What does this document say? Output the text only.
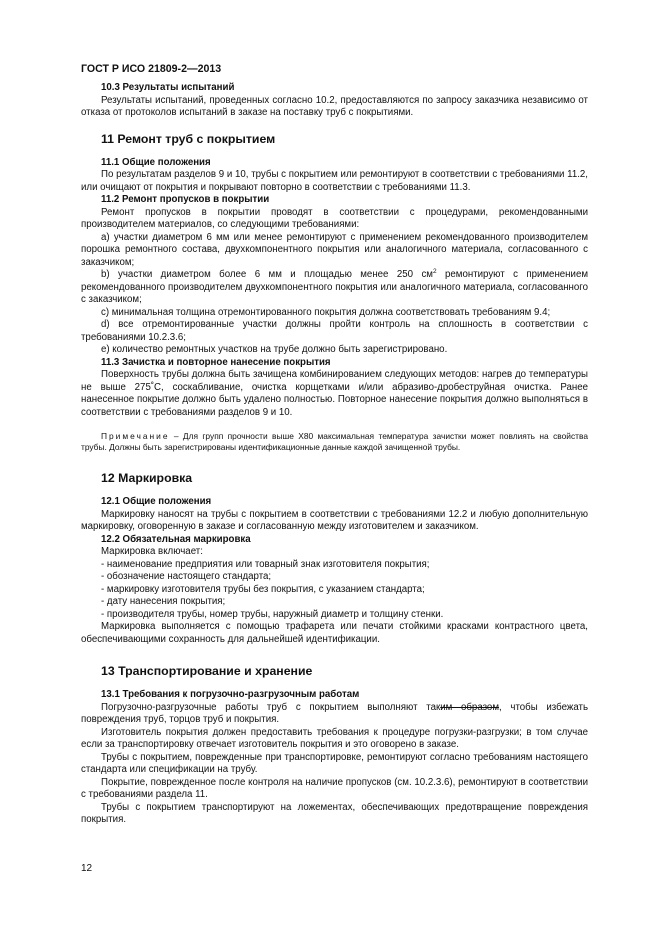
ГОСТ Р ИСО 21809-2—2013
10.3 Результаты испытаний

Результаты испытаний, проведенных согласно 10.2, предоставляются по запросу заказчика независимо от отказа от протоколов испытаний в заказе на поставку труб с покрытиями.

11 Ремонт труб с покрытием
11.1 Общие положения

По результатам разделов 9 и 10, трубы с покрытием или ремонтируют в соответствии с требованиями 11.2, или очищают от покрытия и покрывают повторно в соответствии с требованиями 11.3.

11.2 Ремонт пропусков в покрытии

Ремонт пропусков в покрытии проводят в соответствии с процедурами, рекомендованными производителем материалов, со следующими требованиями:

а) участки диаметром 6 мм или менее ремонтируют с применением рекомендованного производителем порошка ремонтного состава, двухкомпонентного покрытия или аналогичного материала, согласованного с заказчиком;

b) участки диаметром более 6 мм и площадью менее 250 $см^2$ ремонтируют с применением рекомендованного производителем двухкомпонентного покрытия или аналогичного материала, согласованного с заказчиком;

с) минимальная толщина отремонтированного покрытия должна соответствовать требованиям 9.4;

d) все отремонтированные участки должны пройти контроль на сплошность в соответствии с требованиями 10.2.3.6;

е) количество ремонтных участков на трубе должно быть зарегистрировано.

11.3 Зачистка и повторное нанесение покрытия

Поверхность трубы должна быть зачищена комбинированием следующих методов: нагрев до температуры не выше 275˚С, соскабливание, очистка корщетками и/или абразиво-дробеструйная очистка. Ранее нанесенное покрытие должно быть удалено полностью. Повторное нанесение покрытия должно выполняться в соответствии с требованиями разделов 9 и 10.

Примечание – Для групп прочности выше Х80 максимальная температура зачистки может повлиять на свойства трубы. Должны быть зарегистрированы идентификационные данные каждой зачищенной трубы.

12 Маркировка
12.1 Общие положения

Маркировку наносят на трубы с покрытием в соответствии с требованиями 12.2 и любую дополнительную маркировку, оговоренную в заказе и согласованную между изготовителем и заказчиком.

12.2 Обязательная маркировка

Маркировка включает:

- наименование предприятия или товарный знак изготовителя покрытия;
- обозначение настоящего стандарта;
- маркировку изготовителя трубы без покрытия, с указанием стандарта;
- дату нанесения покрытия;
- производителя трубы, номер трубы, наружный диаметр и толщину стенки.

Маркировка выполняется с помощью трафарета или печати стойкими красками контрастного цвета, обеспечивающими сохранность для дальнейшей идентификации.

13 Транспортирование и хранение
13.1 Требования к погрузочно-разгрузочным работам

Погрузочно-разгрузочные работы труб с покрытием выполняют таким образом, чтобы избежать повреждения труб, торцов труб и покрытия.

Изготовитель покрытия должен предоставить требования к процедуре погрузки-разгрузки; в том случае если за транспортировку отвечает изготовитель покрытия и это оговорено в заказе.

Трубы с покрытием, поврежденные при транспортировке, ремонтируют согласно требованиям настоящего стандарта или спецификации на трубу.

Покрытие, поврежденное после контроля на наличие пропусков (см. 10.2.3.6), ремонтируют в соответствии с требованиями раздела 11.

Трубы с покрытием транспортируют на ложементах, обеспечивающих предотвращение повреждения покрытия.

12
